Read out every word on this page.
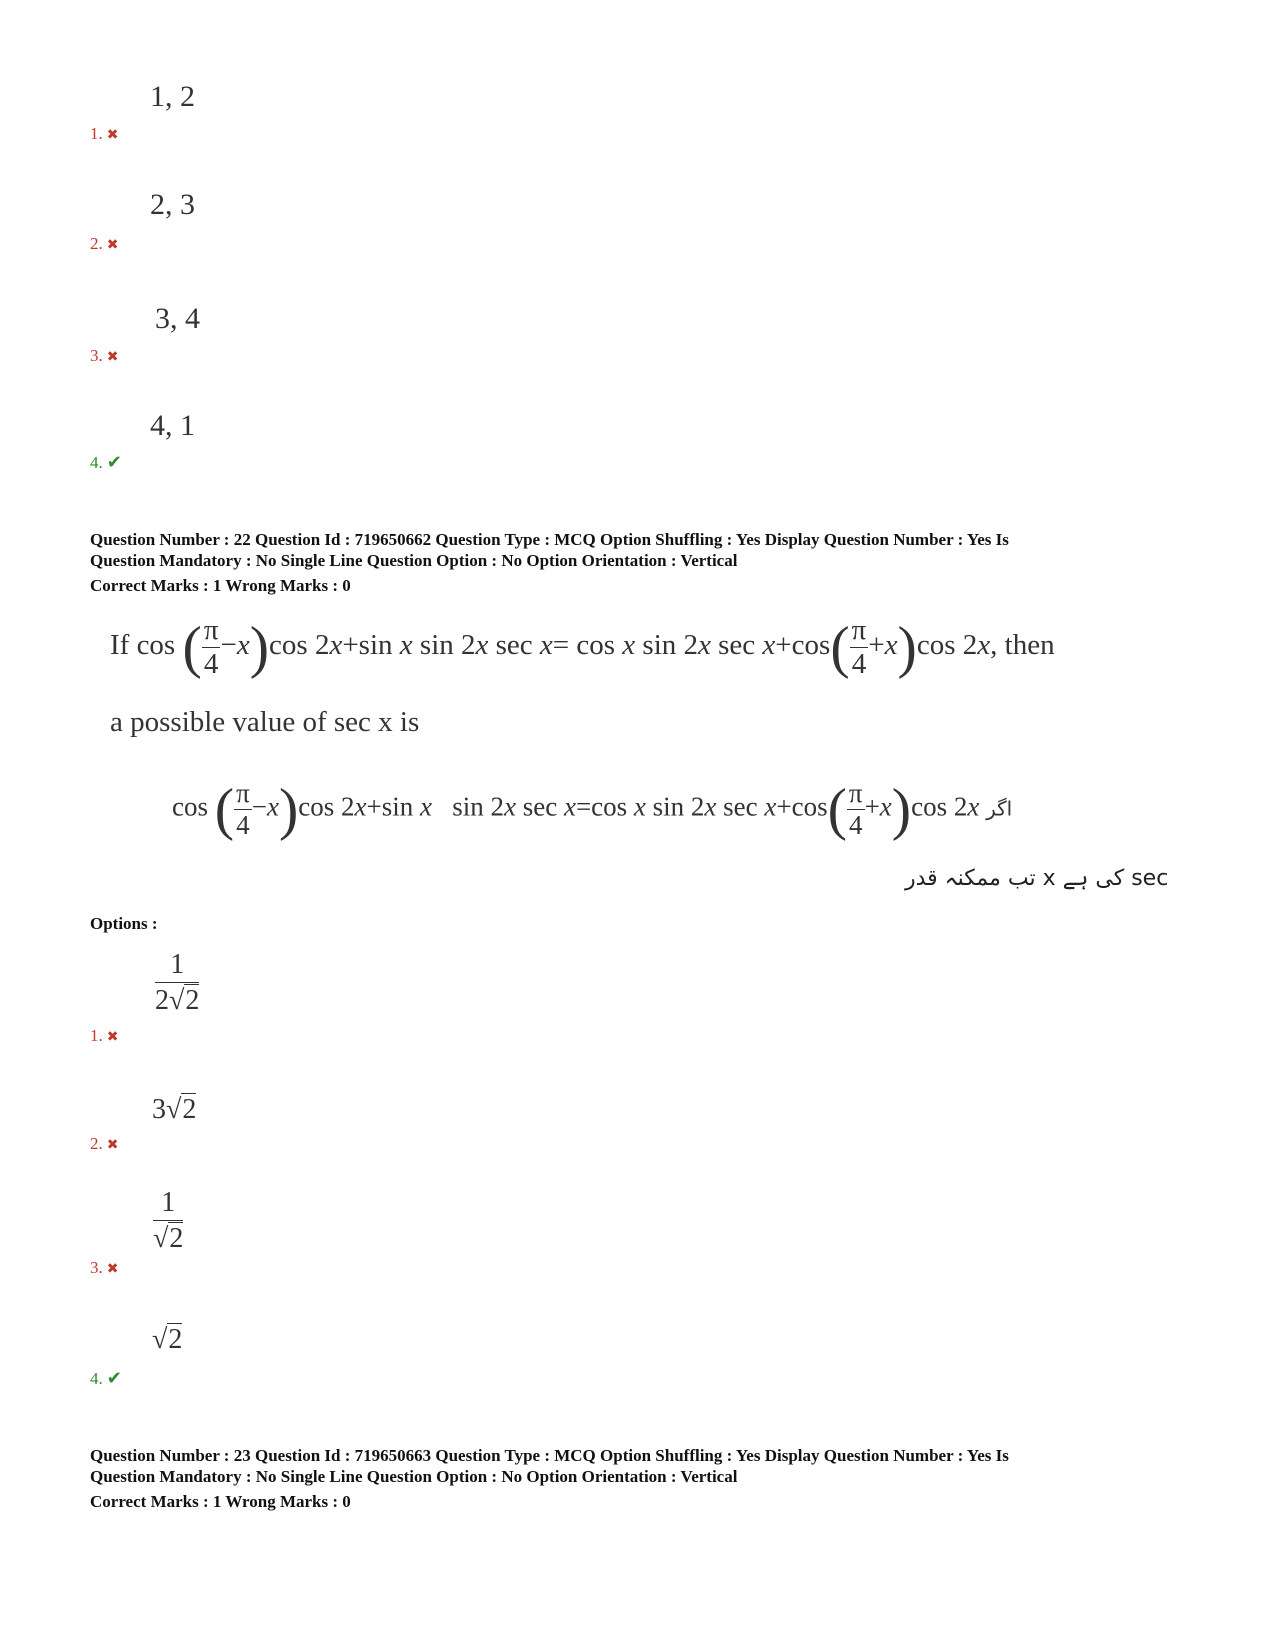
1, 2
1. ✖
2, 3
2. ✖
3, 4
3. ✖
4, 1
4. ✔
Question Number : 22 Question Id : 719650662 Question Type : MCQ Option Shuffling : Yes Display Question Number : Yes Is
Question Mandatory : No Single Line Question Option : No Option Orientation : Vertical
Correct Marks : 1 Wrong Marks : 0
If cos ( $\frac{\pi}{4} -x)\cos$ 2x+sin x sin 2x sec x= cos x sin 2x $\sec x+\cos( \frac{\pi}{4} +x)\cos$ 2x, then
a possible value of sec x is
cos ( $\frac{\pi}{4} -x)\cos$ 2x+sin x   sin 2x sec x=cos x sin 2x $\sec x+\cos( \frac{\pi}{4} +x)\cos$ 2x اگر
تب ممکنہ قدر x کی ہے sec
Options :
$\frac{1}{2√2}$
1. ✖
3√2
2. ✖
$\frac{1}{√2}$
3. ✖
√2
4. ✔
Question Number : 23 Question Id : 719650663 Question Type : MCQ Option Shuffling : Yes Display Question Number : Yes Is
Question Mandatory : No Single Line Question Option : No Option Orientation : Vertical
Correct Marks : 1 Wrong Marks : 0
